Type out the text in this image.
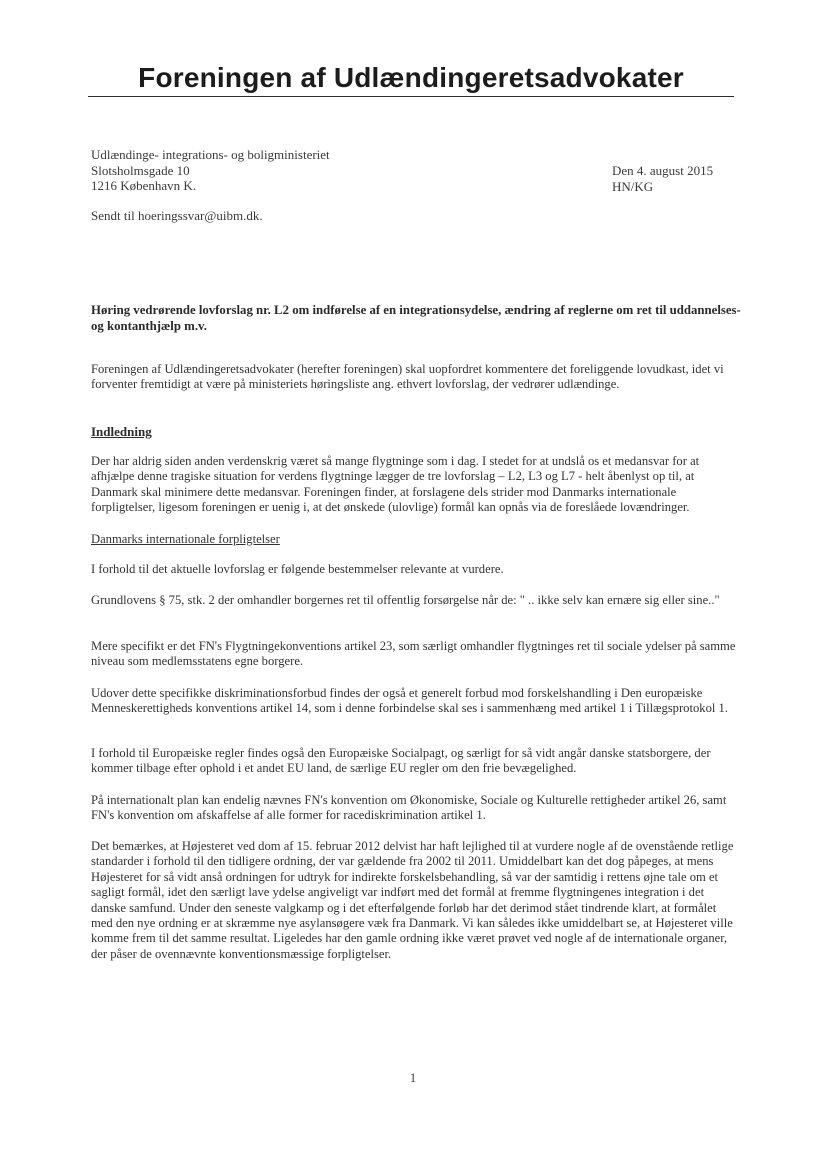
Foreningen af Udlændingeretsadvokater
Udlændinge- integrations- og boligministeriet
Slotsholmsgade 10
1216 København K.
Den 4. august 2015
HN/KG
Sendt til hoeringssvar@uibm.dk.
Høring vedrørende lovforslag nr. L2 om indførelse af en integrationsydelse, ændring af reglerne om ret til uddannelses- og kontanthjælp m.v.
Foreningen af Udlændingeretsadvokater (herefter foreningen) skal uopfordret kommentere det foreliggende lovudkast, idet vi forventer fremtidigt at være på ministeriets høringsliste ang. ethvert lovforslag, der vedrører udlændinge.
Indledning
Der har aldrig siden anden verdenskrig været så mange flygtninge som i dag. I stedet for at undslå os et medansvar for at afhjælpe denne tragiske situation for verdens flygtninge lægger de tre lovforslag – L2, L3 og L7 - helt åbenlyst op til, at Danmark skal minimere dette medansvar. Foreningen finder, at forslagene dels strider mod Danmarks internationale forpligtelser, ligesom foreningen er uenig i, at det ønskede (ulovlige) formål kan opnås via de foreslåede lovændringer.
Danmarks internationale forpligtelser
I forhold til det aktuelle lovforslag er følgende bestemmelser relevante at vurdere.
Grundlovens § 75, stk. 2 der omhandler borgernes ret til offentlig forsørgelse når de: " .. ikke selv kan ernære sig eller sine.."
Mere specifikt er det FN's Flygtningekonventions artikel 23, som særligt omhandler flygtninges ret til sociale ydelser på samme niveau som medlemsstatens egne borgere.
Udover dette specifikke diskriminationsforbud findes der også et generelt forbud mod forskelshandling i Den europæiske Menneskerettigheds konventions artikel 14, som i denne forbindelse skal ses i sammenhæng med artikel 1 i Tillægsprotokol 1.
I forhold til Europæiske regler findes også den Europæiske Socialpagt, og særligt for så vidt angår danske statsborgere, der kommer tilbage efter ophold i et andet EU land, de særlige EU regler om den frie bevægelighed.
På internationalt plan kan endelig nævnes FN's konvention om Økonomiske, Sociale og Kulturelle rettigheder artikel 26, samt FN's konvention om afskaffelse af alle former for racediskrimination artikel 1.
Det bemærkes, at Højesteret ved dom af 15. februar 2012 delvist har haft lejlighed til at vurdere nogle af de ovenstående retlige standarder i forhold til den tidligere ordning, der var gældende fra 2002 til 2011. Umiddelbart kan det dog påpeges, at mens Højesteret for så vidt anså ordningen for udtryk for indirekte forskelsbehandling, så var der samtidig i rettens øjne tale om et sagligt formål, idet den særligt lave ydelse angiveligt var indført med det formål at fremme flygtningenes integration i det danske samfund. Under den seneste valgkamp og i det efterfølgende forløb har det derimod stået tindrende klart, at formålet med den nye ordning er at skræmme nye asylansøgere væk fra Danmark. Vi kan således ikke umiddelbart se, at Højesteret ville komme frem til det samme resultat. Ligeledes har den gamle ordning ikke været prøvet ved nogle af de internationale organer, der påser de ovennævnte konventionsmæssige forpligtelser.
1
